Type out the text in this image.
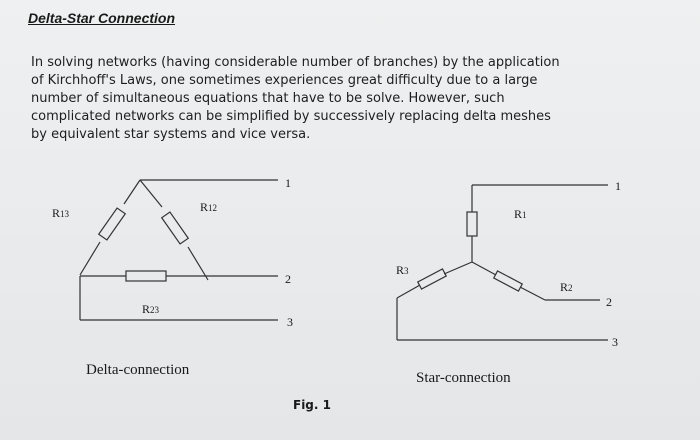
Delta-Star Connection
In solving networks (having considerable number of branches) by the application
of Kirchhoff's Laws, one sometimes experiences great difficulty due to a large
number of simultaneous equations that have to be solve. However, such
complicated networks can be simplified by successively replacing delta meshes
by equivalent star systems and vice versa.
R13	R12
R23
1
2
3
R1
R3
R2
1
2
3
Delta-connection	Star-connection
Fig. 1
